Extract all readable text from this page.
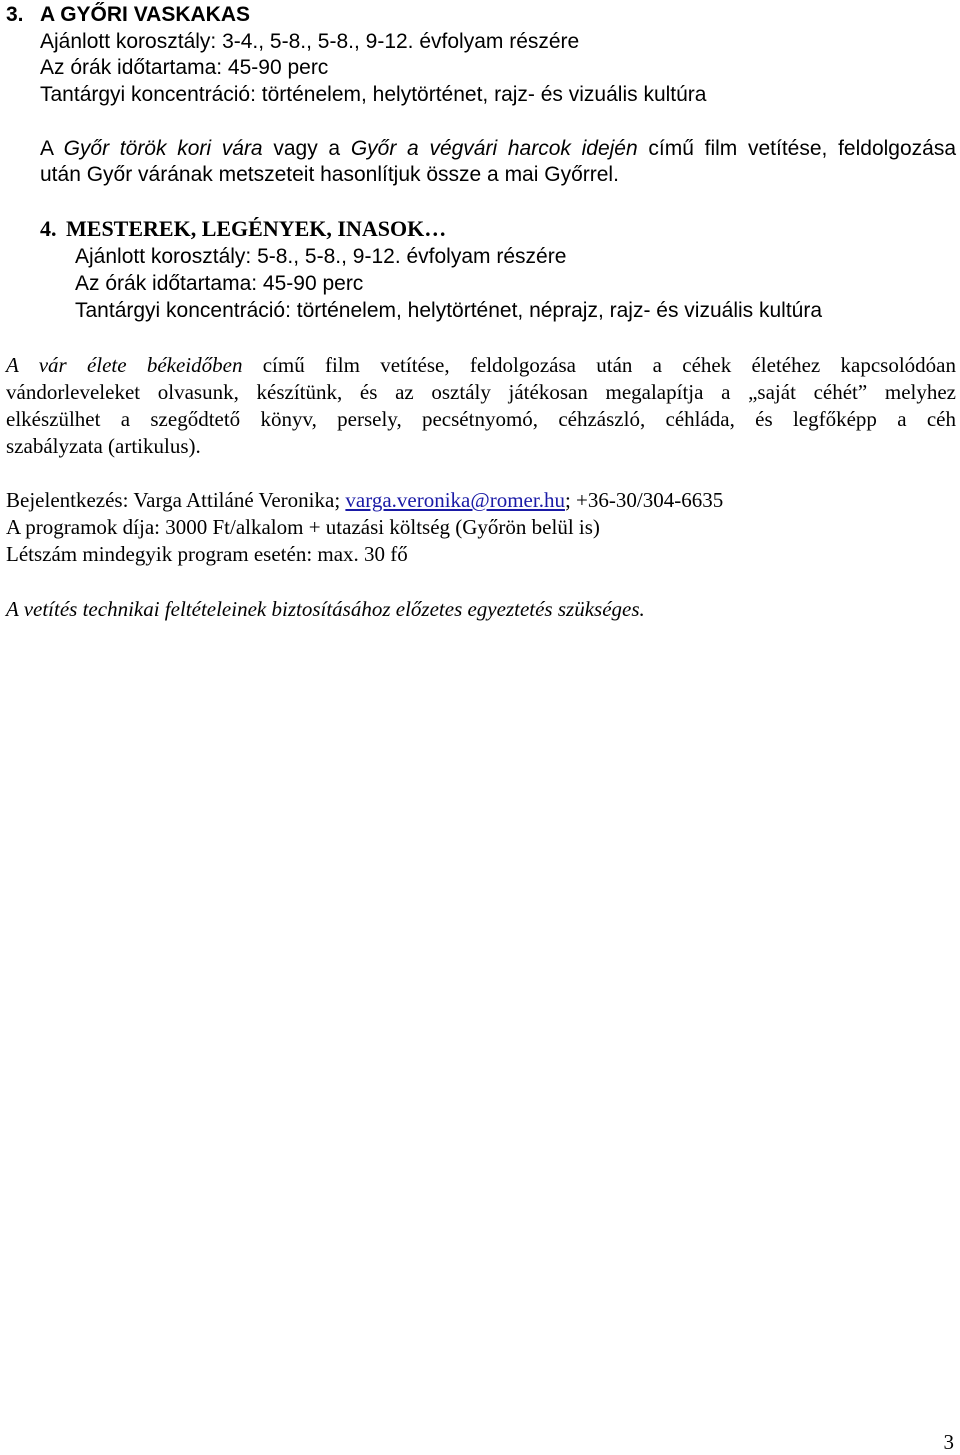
3. A GYŐRI VASKAKAS
Ajánlott korosztály: 3-4., 5-8., 5-8., 9-12. évfolyam részére
Az órák időtartama: 45-90 perc
Tantárgyi koncentráció: történelem, helytörténet, rajz- és vizuális kultúra
A Győr török kori vára vagy a Győr a végvári harcok idején című film vetítése, feldolgozása
után Győr várának metszeteit hasonlítjuk össze a mai Győrrel.
4. MESTEREK, LEGÉNYEK, INASOK…
Ajánlott korosztály: 5-8., 5-8., 9-12. évfolyam részére
Az órák időtartama: 45-90 perc
Tantárgyi koncentráció: történelem, helytörténet, néprajz, rajz- és vizuális kultúra
A vár élete békeidőben című film vetítése, feldolgozása után a céhek életéhez kapcsolódóan
vándorleveleket olvasunk, készítünk, és az osztály játékosan megalapítja a „saját céhét” melyhez
elkészülhet a szegődtető könyv, persely, pecsétnyomó, céhzászló, céhláda, és legfőképp a céh
szabályzata (artikulus).
Bejelentkezés: Varga Attiláné Veronika; varga.veronika@romer.hu; +36-30/304-6635
A programok díja: 3000 Ft/alkalom + utazási költség (Győrön belül is)
Létszám mindegyik program esetén: max. 30 fő
A vetítés technikai feltételeinek biztosításához előzetes egyeztetés szükséges.
3
